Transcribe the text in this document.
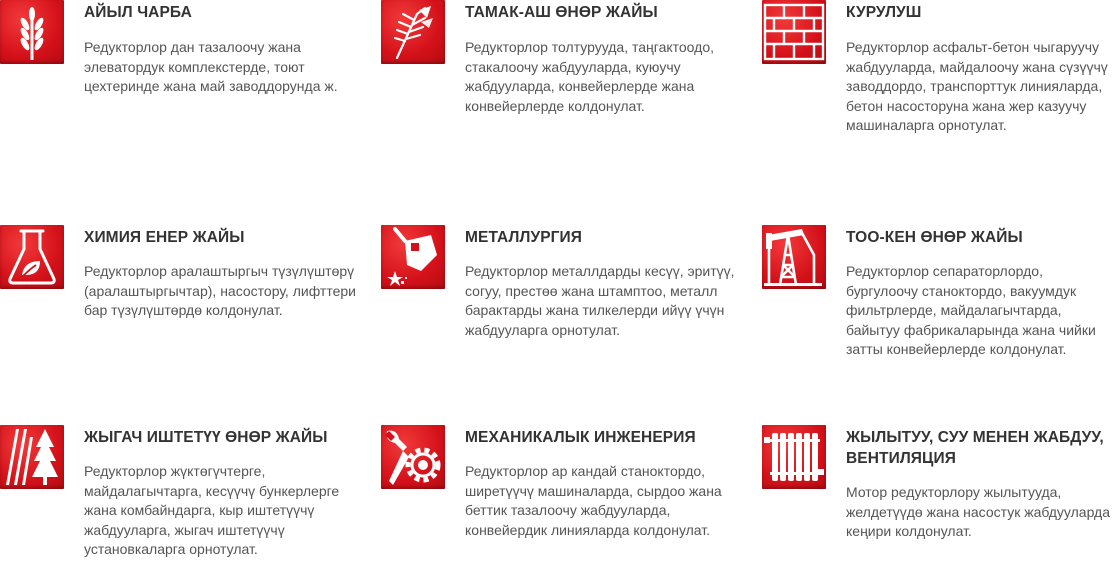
АЙЫЛ ЧАРБА
Редукторлор дан тазалоочу жана элеватордук комплекстерде, тоют цехтеринде жана май заводдорунда ж.
ТАМАК-АШ ӨНӨР ЖАЙЫ
Редукторлор толтурууда, таңгактоодо, стакалоочу жабдууларда, куюучу жабдууларда, конвейерлерде жана конвейерлерде колдонулат.
КУРУЛУШ
Редукторлор асфальт-бетон чыгаруучу жабдууларда, майдалоочу жана сүзүүчү заводдордо, транспорттук линияларда, бетон насосторуна жана жер казуучу машиналарга орнотулат.
ХИМИЯ ЕНЕР ЖАЙЫ
Редукторлор аралаштыргыч түзүлүштөрү (аралаштыргычтар), насостору, лифттери бар түзүлүштөрдө колдонулат.
МЕТАЛЛУРГИЯ
Редукторлор металлдарды кесүү, эритүү, согуу, престөө жана штамптоо, металл барактарды жана тилкелерди ийүү үчүн жабдууларга орнотулат.
ТОО-КЕН ӨНӨР ЖАЙЫ
Редукторлор сепараторлордо, бургулоочу станоктордо, вакуумдук фильтрлерде, майдалагычтарда, байытуу фабрикаларында жана чийки затты конвейерлерде колдонулат.
ЖЫГАЧ ИШТЕТҮҮ ӨНӨР ЖАЙЫ
Редукторлор жүктөгүчтерге, майдалагычтарга, кесүүчү бункерлерге жана комбайндарга, кыр иштетүүчү жабдууларга, жыгач иштетүүчү установкаларга орнотулат.
МЕХАНИКАЛЫК ИНЖЕНЕРИЯ
Редукторлор ар кандай станоктордо, ширетүүчү машиналарда, сырдоо жана беттик тазалоочу жабдууларда, конвейердик линияларда колдонулат.
ЖЫЛЫТУУ, СУУ МЕНЕН ЖАБДУУ, ВЕНТИЛЯЦИЯ
Мотор редукторлору жылытууда, желдетүүдө жана насостук жабдууларда кеңири колдонулат.
